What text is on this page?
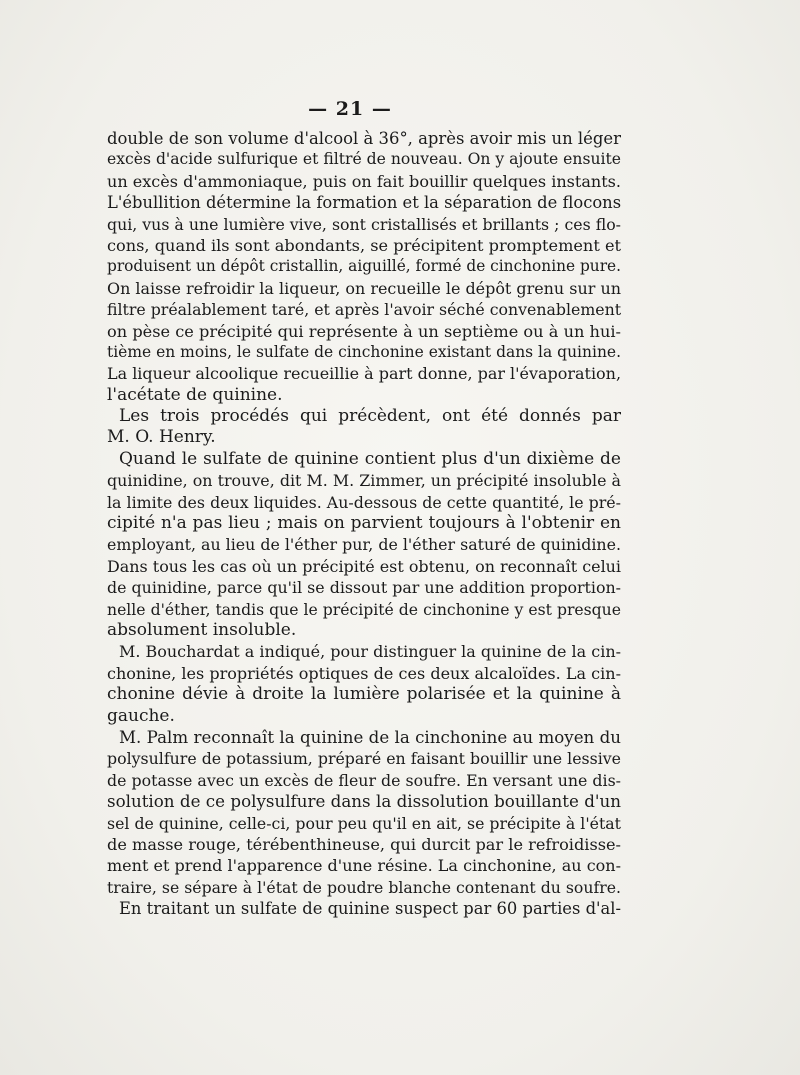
— 21 —
double de son volume d'alcool à 36°, après avoir mis un léger
excès d'acide sulfurique et filtré de nouveau. On y ajoute ensuite
un excès d'ammoniaque, puis on fait bouillir quelques instants.
L'ébullition détermine la formation et la séparation de flocons
qui, vus à une lumière vive, sont cristallisés et brillants ; ces flo-
cons, quand ils sont abondants, se précipitent promptement et
produisent un dépôt cristallin, aiguillé, formé de cinchonine pure.
On laisse refroidir la liqueur, on recueille le dépôt grenu sur un
filtre préalablement taré, et après l'avoir séché convenablement
on pèse ce précipité qui représente à un septième ou à un hui-
tième en moins, le sulfate de cinchonine existant dans la quinine.
La liqueur alcoolique recueillie à part donne, par l'évaporation,
l'acétate de quinine.
Les trois procédés qui précèdent, ont été donnés par
M. O. Henry.
Quand le sulfate de quinine contient plus d'un dixième de
quinidine, on trouve, dit M. M. Zimmer, un précipité insoluble à
la limite des deux liquides. Au-dessous de cette quantité, le pré-
cipité n'a pas lieu ; mais on parvient toujours à l'obtenir en
employant, au lieu de l'éther pur, de l'éther saturé de quinidine.
Dans tous les cas où un précipité est obtenu, on reconnaît celui
de quinidine, parce qu'il se dissout par une addition proportion-
nelle d'éther, tandis que le précipité de cinchonine y est presque
absolument insoluble.
M. Bouchardat a indiqué, pour distinguer la quinine de la cin-
chonine, les propriétés optiques de ces deux alcaloïdes. La cin-
chonine dévie à droite la lumière polarisée et la quinine à
gauche.
M. Palm reconnaît la quinine de la cinchonine au moyen du
polysulfure de potassium, préparé en faisant bouillir une lessive
de potasse avec un excès de fleur de soufre. En versant une dis-
solution de ce polysulfure dans la dissolution bouillante d'un
sel de quinine, celle-ci, pour peu qu'il en ait, se précipite à l'état
de masse rouge, térébenthineuse, qui durcit par le refroidisse-
ment et prend l'apparence d'une résine. La cinchonine, au con-
traire, se sépare à l'état de poudre blanche contenant du soufre.
En traitant un sulfate de quinine suspect par 60 parties d'al-
